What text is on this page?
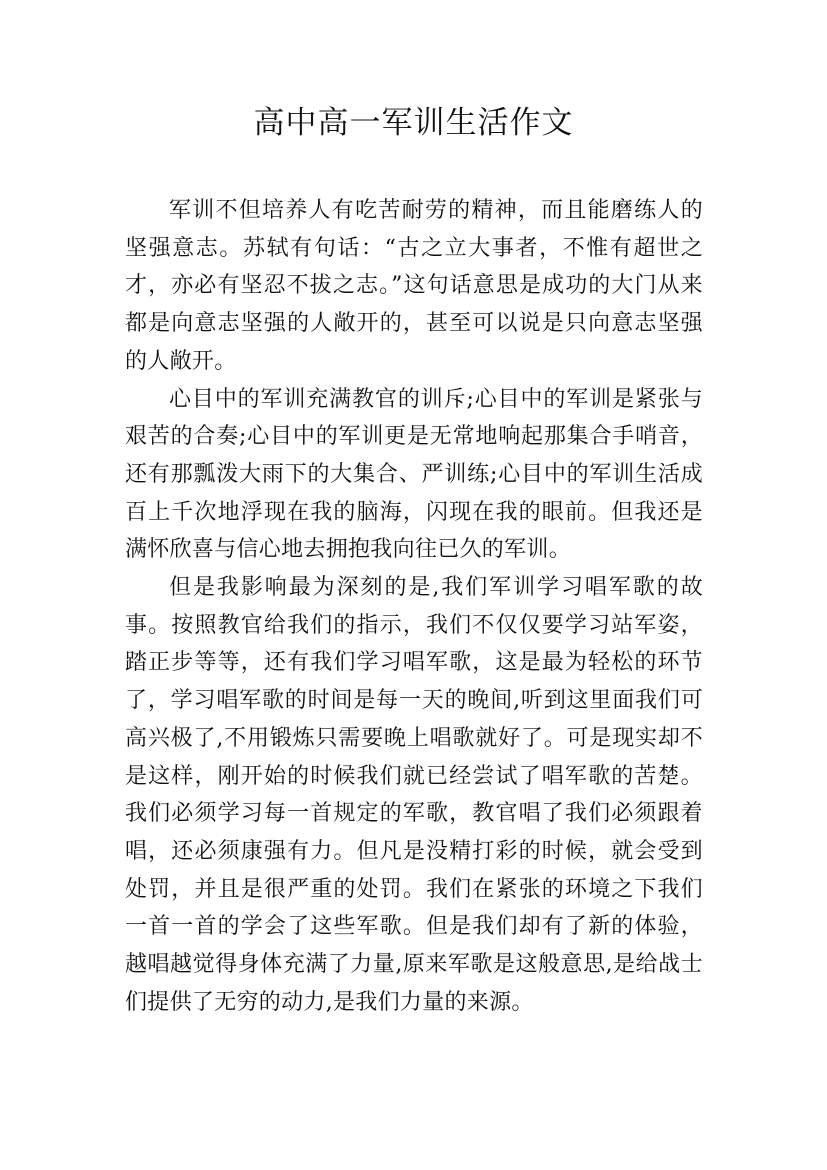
高中高一军训生活作文

军训不但培养人有吃苦耐劳的精神，而且能磨练人的坚强意志。苏轼有句话：“古之立大事者，不惟有超世之才，亦必有坚忍不拔之志。”这句话意思是成功的大门从来都是向意志坚强的人敞开的，甚至可以说是只向意志坚强的人敞开。

心目中的军训充满教官的训斥;心目中的军训是紧张与艰苦的合奏;心目中的军训更是无常地响起那集合手哨音，还有那瓢泼大雨下的大集合、严训练;心目中的军训生活成百上千次地浮现在我的脑海，闪现在我的眼前。但我还是满怀欣喜与信心地去拥抱我向往已久的军训。

但是我影响最为深刻的是,我们军训学习唱军歌的故事。按照教官给我们的指示，我们不仅仅要学习站军姿，踏正步等等，还有我们学习唱军歌，这是最为轻松的环节了，学习唱军歌的时间是每一天的晚间,听到这里面我们可高兴极了,不用锻炼只需要晚上唱歌就好了。可是现实却不是这样，刚开始的时候我们就已经尝试了唱军歌的苦楚。我们必须学习每一首规定的军歌，教官唱了我们必须跟着唱，还必须康强有力。但凡是没精打彩的时候，就会受到处罚，并且是很严重的处罚。我们在紧张的环境之下我们一首一首的学会了这些军歌。但是我们却有了新的体验，越唱越觉得身体充满了力量,原来军歌是这般意思,是给战士们提供了无穷的动力,是我们力量的来源。
